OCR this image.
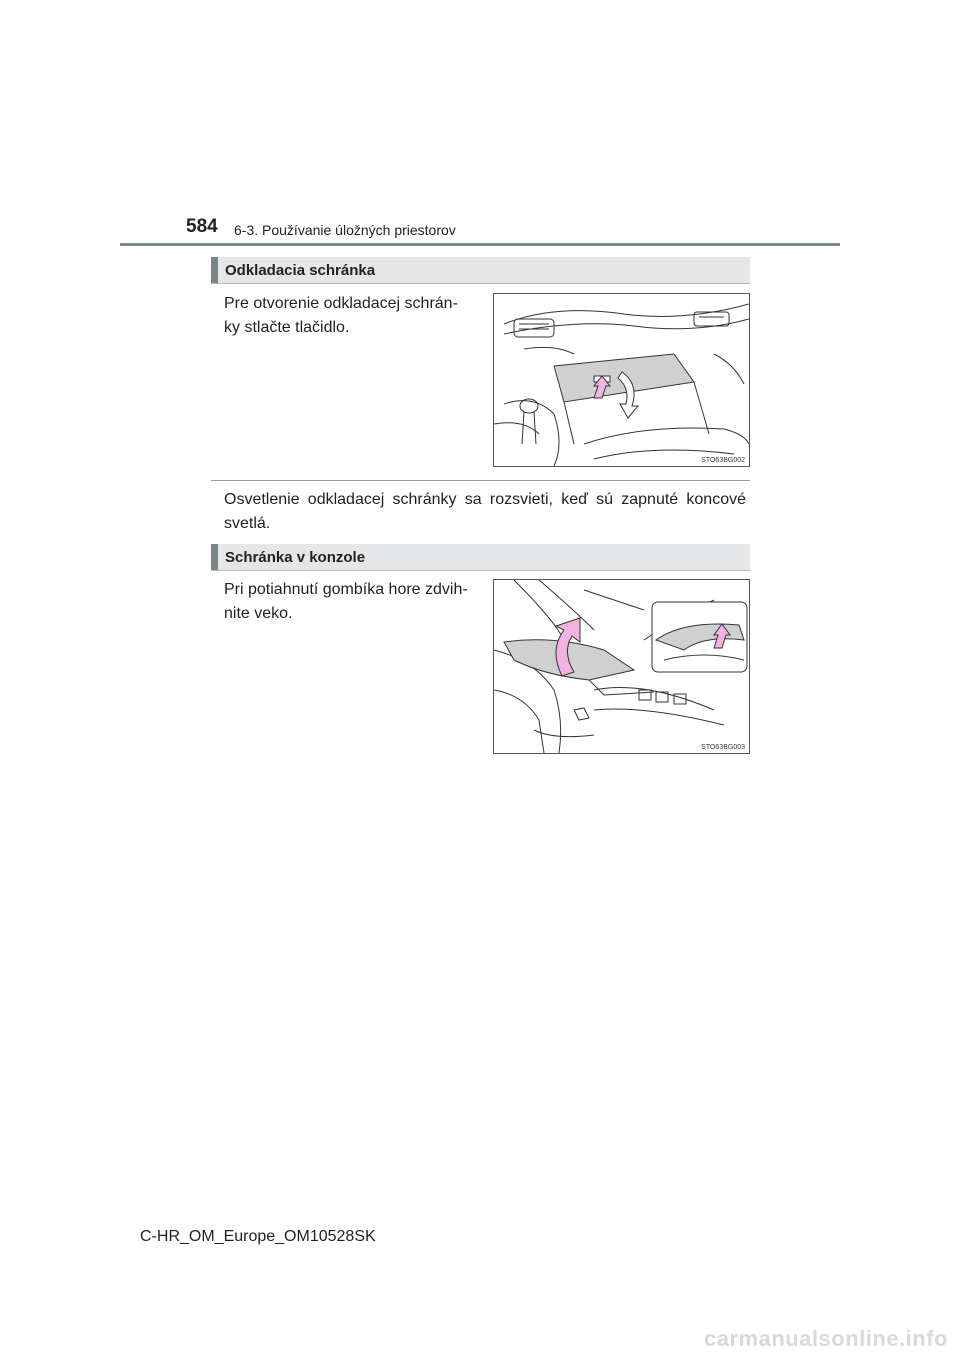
584 6-3. Používanie úložných priestorov
Odkladacia schránka
Pre otvorenie odkladacej schrán-
ky stlačte tlačidlo.
STO63BG002
Osvetlenie odkladacej schránky sa rozsvieti, keď sú zapnuté koncové svetlá.
Schránka v konzole
Pri potiahnutí gombíka hore zdvih-
nite veko.
STO63BG003
C-HR_OM_Europe_OM10528SK
carmanualsonline.info
